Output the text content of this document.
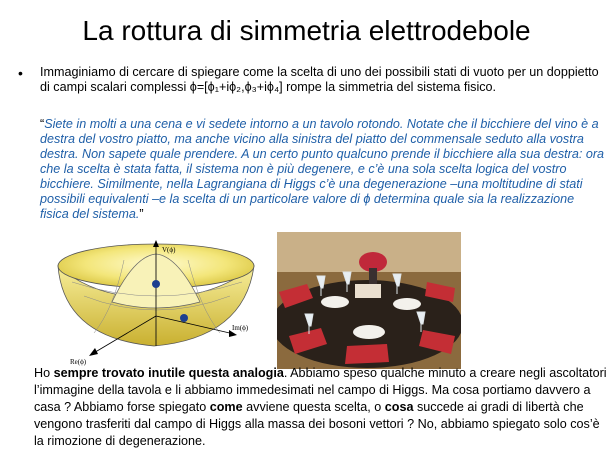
La rottura di simmetria elettrodebole
• Immaginiamo di cercare di spiegare come la scelta di uno dei possibili stati di vuoto per un doppietto di campi scalari complessi ϕ=[ϕ₁+iϕ₂,ϕ₃+iϕ₄] rompe la simmetria del sistema fisico.

“Siete in molti a una cena e vi sedete intorno a un tavolo rotondo. Notate che il bicchiere del vino è a destra del vostro piatto, ma anche vicino alla sinistra del piatto del commensale seduto alla vostra destra. Non sapete quale prendere. A un certo punto qualcuno prende il bicchiere alla sua destra: ora che la scelta è stata fatta, il sistema non è più degenere, e c’è una sola scelta logica del vostro bicchiere. Similmente, nella Lagrangiana di Higgs c’è una degenerazione –una moltitudine di stati possibili equivalenti –e la scelta di un particolare valore di ϕ determina quale sia la realizzazione fisica del sistema.”

V(ϕ)
Im(ϕ)
Re(ϕ)

Ho sempre trovato inutile questa analogia. Abbiamo speso qualche minuto a creare negli ascoltatori l’immagine della tavola e li abbiamo immedesimati nel campo di Higgs. Ma cosa portiamo davvero a casa ? Abbiamo forse spiegato come avviene questa scelta, o cosa succede ai gradi di libertà che vengono trasferiti dal campo di Higgs alla massa dei bosoni vettori ? No, abbiamo spiegato solo cos’è la rimozione di degenerazione.
